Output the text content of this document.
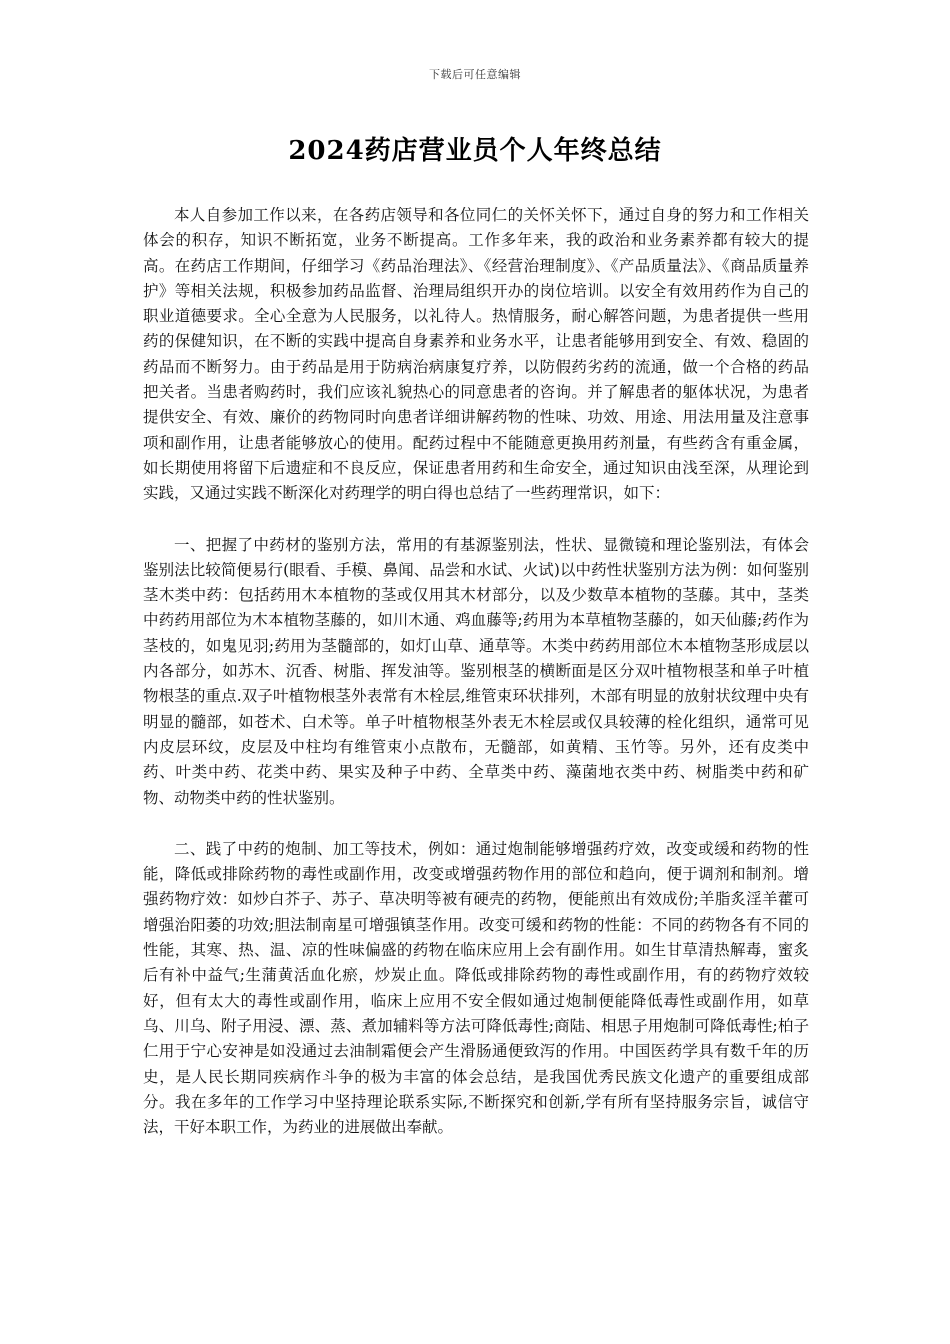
下载后可任意编辑
2024药店营业员个人年终总结

本人自参加工作以来，在各药店领导和各位同仁的关怀关怀下，通过自身的努力和工作相关体会的积存，知识不断拓宽，业务不断提高。工作多年来，我的政治和业务素养都有较大的提高。在药店工作期间，仔细学习《药品治理法》、《经营治理制度》、《产品质量法》、《商品质量养护》等相关法规，积极参加药品监督、治理局组织开办的岗位培训。以安全有效用药作为自己的职业道德要求。全心全意为人民服务，以礼待人。热情服务，耐心解答问题，为患者提供一些用药的保健知识，在不断的实践中提高自身素养和业务水平，让患者能够用到安全、有效、稳固的药品而不断努力。由于药品是用于防病治病康复疗养，以防假药劣药的流通，做一个合格的药品把关者。当患者购药时，我们应该礼貌热心的同意患者的咨询。并了解患者的躯体状况，为患者提供安全、有效、廉价的药物同时向患者详细讲解药物的性味、功效、用途、用法用量及注意事项和副作用，让患者能够放心的使用。配药过程中不能随意更换用药剂量，有些药含有重金属，如长期使用将留下后遗症和不良反应，保证患者用药和生命安全，通过知识由浅至深，从理论到实践，又通过实践不断深化对药理学的明白得也总结了一些药理常识，如下：

一、把握了中药材的鉴别方法，常用的有基源鉴别法，性状、显微镜和理论鉴别法，有体会鉴别法比较简便易行(眼看、手模、鼻闻、品尝和水试、火试)以中药性状鉴别方法为例：如何鉴别茎木类中药：包括药用木本植物的茎或仅用其木材部分，以及少数草本植物的茎藤。其中，茎类中药药用部位为木本植物茎藤的，如川木通、鸡血藤等;药用为本草植物茎藤的，如天仙藤;药作为茎枝的，如鬼见羽;药用为茎髓部的，如灯山草、通草等。木类中药药用部位木本植物茎形成层以内各部分，如苏木、沉香、树脂、挥发油等。鉴别根茎的横断面是区分双叶植物根茎和单子叶植物根茎的重点.双子叶植物根茎外表常有木栓层,维管束环状排列，木部有明显的放射状纹理中央有明显的髓部，如苍术、白术等。单子叶植物根茎外表无木栓层或仅具较薄的栓化组织，通常可见内皮层环纹，皮层及中柱均有维管束小点散布，无髓部，如黄精、玉竹等。另外，还有皮类中药、叶类中药、花类中药、果实及种子中药、全草类中药、藻菌地衣类中药、树脂类中药和矿物、动物类中药的性状鉴别。

二、践了中药的炮制、加工等技术，例如：通过炮制能够增强药疗效，改变或缓和药物的性能，降低或排除药物的毒性或副作用，改变或增强药物作用的部位和趋向，便于调剂和制剂。增强药物疗效：如炒白芥子、苏子、草决明等被有硬壳的药物，便能煎出有效成份;羊脂炙淫羊藿可增强治阳萎的功效;胆法制南星可增强镇茎作用。改变可缓和药物的性能：不同的药物各有不同的性能，其寒、热、温、凉的性味偏盛的药物在临床应用上会有副作用。如生甘草清热解毒，蜜炙后有补中益气;生蒲黄活血化瘀，炒炭止血。降低或排除药物的毒性或副作用，有的药物疗效较好，但有太大的毒性或副作用，临床上应用不安全假如通过炮制便能降低毒性或副作用，如草乌、川乌、附子用浸、漂、蒸、煮加辅料等方法可降低毒性;商陆、相思子用炮制可降低毒性;柏子仁用于宁心安神是如没通过去油制霜便会产生滑肠通便致泻的作用。中国医药学具有数千年的历史，是人民长期同疾病作斗争的极为丰富的体会总结，是我国优秀民族文化遗产的重要组成部分。我在多年的工作学习中坚持理论联系实际,不断探究和创新,学有所有坚持服务宗旨，诚信守法，干好本职工作，为药业的进展做出奉献。
